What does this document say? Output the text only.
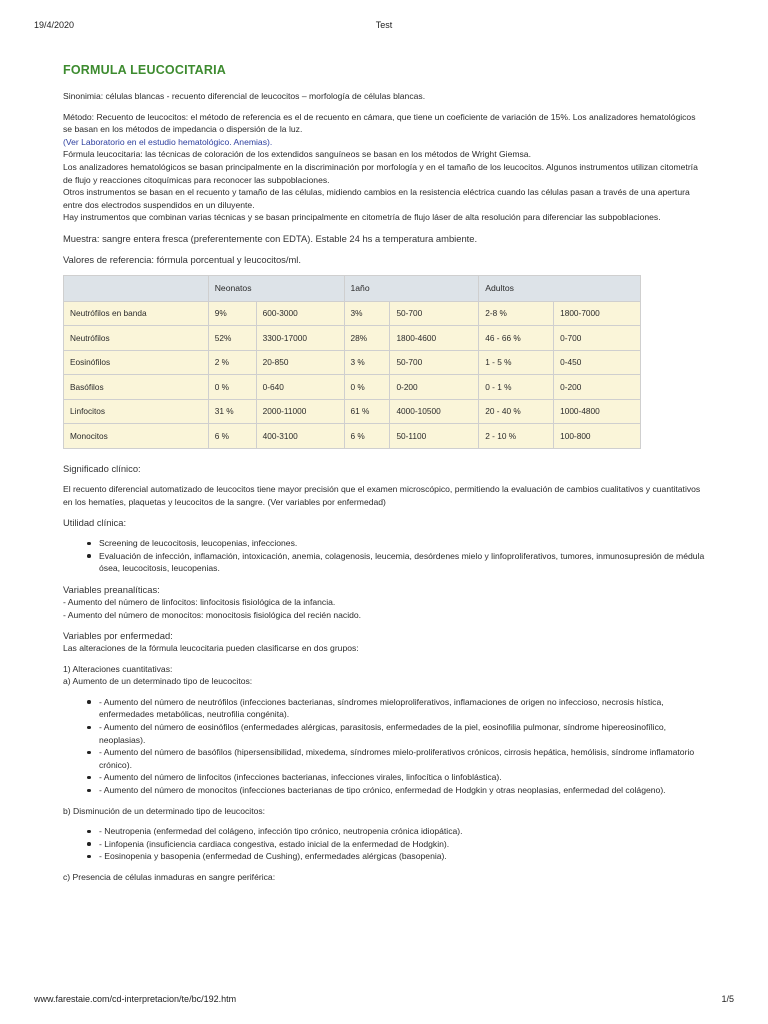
19/4/2020	Test
FORMULA LEUCOCITARIA

Sinonimia: células blancas - recuento diferencial de leucocitos – morfología de células blancas.

Método: Recuento de leucocitos: el método de referencia es el de recuento en cámara, que tiene un coeficiente de variación de 15%. Los analizadores hematológicos se basan en los métodos de impedancia o dispersión de la luz.

(Ver Laboratorio en el estudio hematológico. Anemias).

Fórmula leucocitaria: las técnicas de coloración de los extendidos sanguíneos se basan en los métodos de Wright Giemsa.

Los analizadores hematológicos se basan principalmente en la discriminación por morfología y en el tamaño de los leucocitos. Algunos instrumentos utilizan citometría de flujo y reacciones citoquímicas para reconocer las subpoblaciones.

Otros instrumentos se basan en el recuento y tamaño de las células, midiendo cambios en la resistencia eléctrica cuando las células pasan a través de una apertura entre dos electrodos suspendidos en un diluyente.

Hay instrumentos que combinan varias técnicas y se basan principalmente en citometría de flujo láser de alta resolución para diferenciar las subpoblaciones.

Muestra: sangre entera fresca (preferentemente con EDTA). Estable 24 hs a temperatura ambiente.

Valores de referencia: fórmula porcentual y leucocitos/ml.

	Neonatos		1año		Adultos	
Neutrófilos en banda	9%	600-3000	3%	50-700	2-8 %	1800-7000
Neutrófilos	52%	3300-17000	28%	1800-4600	46 - 66 %	0-700
Eosinófilos	2 %	20-850	3 %	50-700	1 - 5 %	0-450
Basófilos	0 %	0-640	0 %	0-200	0 - 1 %	0-200
Linfocitos	31 %	2000-11000	61 %	4000-10500	20 - 40 %	1000-4800
Monocitos	6 %	400-3100	6 %	50-1100	2 - 10 %	100-800

Significado clínico:

El recuento diferencial automatizado de leucocitos tiene mayor precisión que el examen microscópico, permitiendo la evaluación de cambios cualitativos y cuantitativos en los hematíes, plaquetas y leucocitos de la sangre. (Ver variables por enfermedad)

Utilidad clínica:

Screening de leucocitosis, leucopenias, infecciones.
Evaluación de infección, inflamación, intoxicación, anemia, colagenosis, leucemia, desórdenes mielo y linfoproliferativos, tumores, inmunosupresión de médula ósea, leucocitosis, leucopenias.

Variables preanalíticas:

- Aumento del número de linfocitos: linfocitosis fisiológica de la infancia.

- Aumento del número de monocitos: monocitosis fisiológica del recién nacido.

Variables por enfermedad:

Las alteraciones de la fórmula leucocitaria pueden clasificarse en dos grupos:

1) Alteraciones cuantitativas:

a) Aumento de un determinado tipo de leucocitos:

- Aumento del número de neutrófilos (infecciones bacterianas, síndromes mieloproliferativos, inflamaciones de origen no infeccioso, necrosis hística, enfermedades metabólicas, neutrofilia congénita).
- Aumento del número de eosinófilos (enfermedades alérgicas, parasitosis, enfermedades de la piel, eosinofilia pulmonar, síndrome hipereosinofílico, neoplasias).
- Aumento del número de basófilos (hipersensibilidad, mixedema, síndromes mielo-proliferativos crónicos, cirrosis hepática, hemólisis, síndrome inflamatorio crónico).
- Aumento del número de linfocitos (infecciones bacterianas, infecciones virales, linfocítica o linfoblástica).
- Aumento del número de monocitos (infecciones bacterianas de tipo crónico, enfermedad de Hodgkin y otras neoplasias, enfermedad del colágeno).

b) Disminución de un determinado tipo de leucocitos:

- Neutropenia (enfermedad del colágeno, infección tipo crónico, neutropenia crónica idiopática).
- Linfopenia (insuficiencia cardiaca congestiva, estado inicial de la enfermedad de Hodgkin).
- Eosinopenia y basopenia (enfermedad de Cushing), enfermedades alérgicas (basopenia).

c) Presencia de células inmaduras en sangre periférica:

www.farestaie.com/cd-interpretacion/te/bc/192.htm	1/5
